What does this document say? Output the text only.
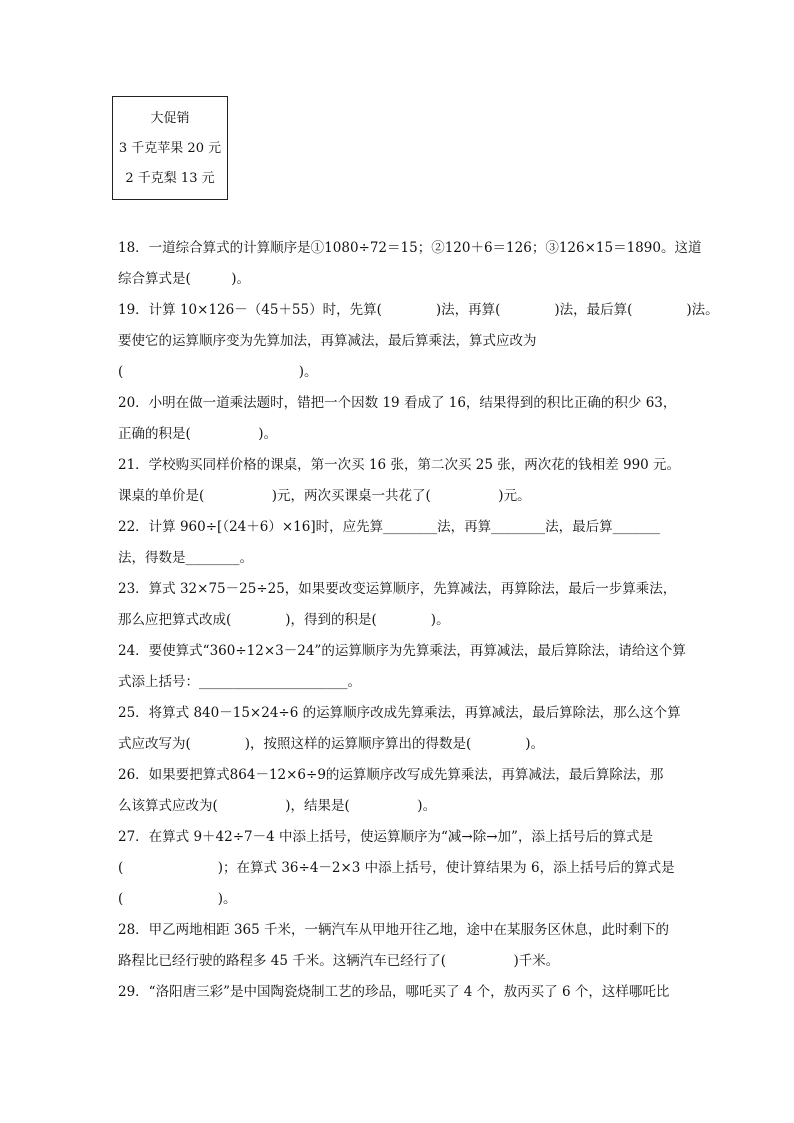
大促销
3 千克苹果 20 元
2 千克梨 13 元
18．一道综合算式的计算顺序是①1080÷72＝15；②120＋6＝126；③126×15＝1890。这道
综合算式是(　　　)。
19．计算 10×126－（45＋55）时，先算(　　　　)法，再算(　　　　)法，最后算(　　　　)法。
要使它的运算顺序变为先算加法，再算减法，最后算乘法，算式应改为
(　　　　　　　　　　　　　)。
20．小明在做一道乘法题时，错把一个因数 19 看成了 16，结果得到的积比正确的积少 63，
正确的积是(　　　　　)。
21．学校购买同样价格的课桌，第一次买 16 张，第二次买 25 张，两次花的钱相差 990 元。
课桌的单价是(　　　　　)元，两次买课桌一共花了(　　　　　)元。
22．计算 960÷[（24＋6）×16]时，应先算________法，再算________法，最后算_______
法，得数是________。
23．算式 32×75－25÷25，如果要改变运算顺序，先算减法，再算除法，最后一步算乘法，
那么应把算式改成(　　　　)，得到的积是(　　　　)。
24．要使算式“360÷12×3－24”的运算顺序为先算乘法，再算减法，最后算除法，请给这个算
式添上括号：______________________。
25．将算式 840－15×24÷6 的运算顺序改成先算乘法，再算减法，最后算除法，那么这个算
式应改写为(　　　　)，按照这样的运算顺序算出的得数是(　　　　)。
26．如果要把算式864－12×6÷9的运算顺序改写成先算乘法，再算减法，最后算除法，那
么该算式应改为(　　　　　)，结果是(　　　　　)。
27．在算式 9＋42÷7－4 中添上括号，使运算顺序为“减→除→加”，添上括号后的算式是
(　　　　　　　)；在算式 36÷4－2×3 中添上括号，使计算结果为 6，添上括号后的算式是
(　　　　　　　)。
28．甲乙两地相距 365 千米，一辆汽车从甲地开往乙地，途中在某服务区休息，此时剩下的
路程比已经行驶的路程多 45 千米。这辆汽车已经行了(　　　　　)千米。
29．“洛阳唐三彩”是中国陶瓷烧制工艺的珍品，哪吒买了 4 个，敖丙买了 6 个，这样哪吒比
